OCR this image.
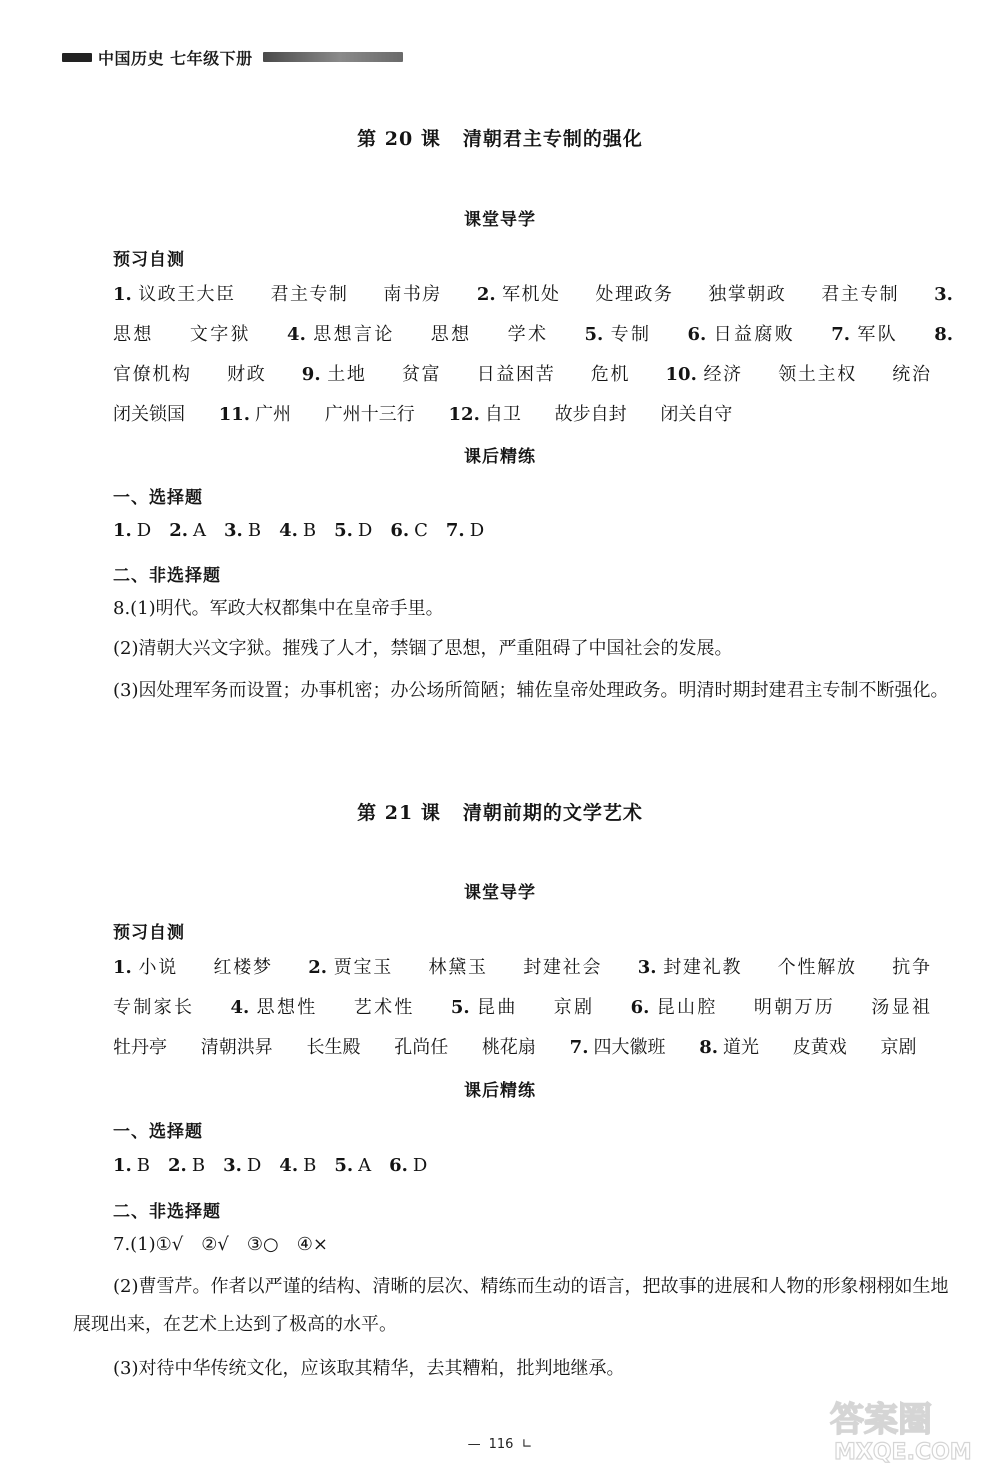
中国历史 七年级下册
第 20 课 清朝君主专制的强化
课堂导学
预习自测

1. 议政王大臣 君主专制 南书房 2. 军机处 处理政务 独掌朝政 君主专制 3.思想 文字狱 4. 思想言论 思想 学术 5. 专制 6. 日益腐败 7. 军队 8.官僚机构 财政 9. 土地 贫富 日益困苦 危机 10. 经济 领土主权 统治 闭关锁国 11. 广州 广州十三行 12. 自卫 故步自封 闭关自守

课后精练
一、选择题

1. D 2. A 3. B 4. B 5. D 6. C 7. D

二、非选择题

8.(1)明代。军政大权都集中在皇帝手里。

(2)清朝大兴文字狱。摧残了人才，禁锢了思想，严重阻碍了中国社会的发展。

(3)因处理军务而设置；办事机密；办公场所简陋；辅佐皇帝处理政务。明清时期封建君主专制不断强化。

第 21 课 清朝前期的文学艺术
课堂导学
预习自测

1. 小说 红楼梦 2. 贾宝玉 林黛玉 封建社会 3. 封建礼教 个性解放 抗争 专制家长 4. 思想性 艺术性 5. 昆曲 京剧 6. 昆山腔 明朝万历 汤显祖 牡丹亭 清朝洪昇 长生殿 孔尚任 桃花扇 7. 四大徽班 8. 道光 皮黄戏 京剧

课后精练
一、选择题

1. B 2. B 3. D 4. B 5. A 6. D

二、非选择题

7.(1)①√　②√　③○　④×

(2)曹雪芹。作者以严谨的结构、清晰的层次、精练而生动的语言，把故事的进展和人物的形象栩栩如生地展现出来，在艺术上达到了极高的水平。

(3)对待中华传统文化，应该取其精华，去其糟粕，批判地继承。

— 116 ∟
答案圈
MXQE.COM
